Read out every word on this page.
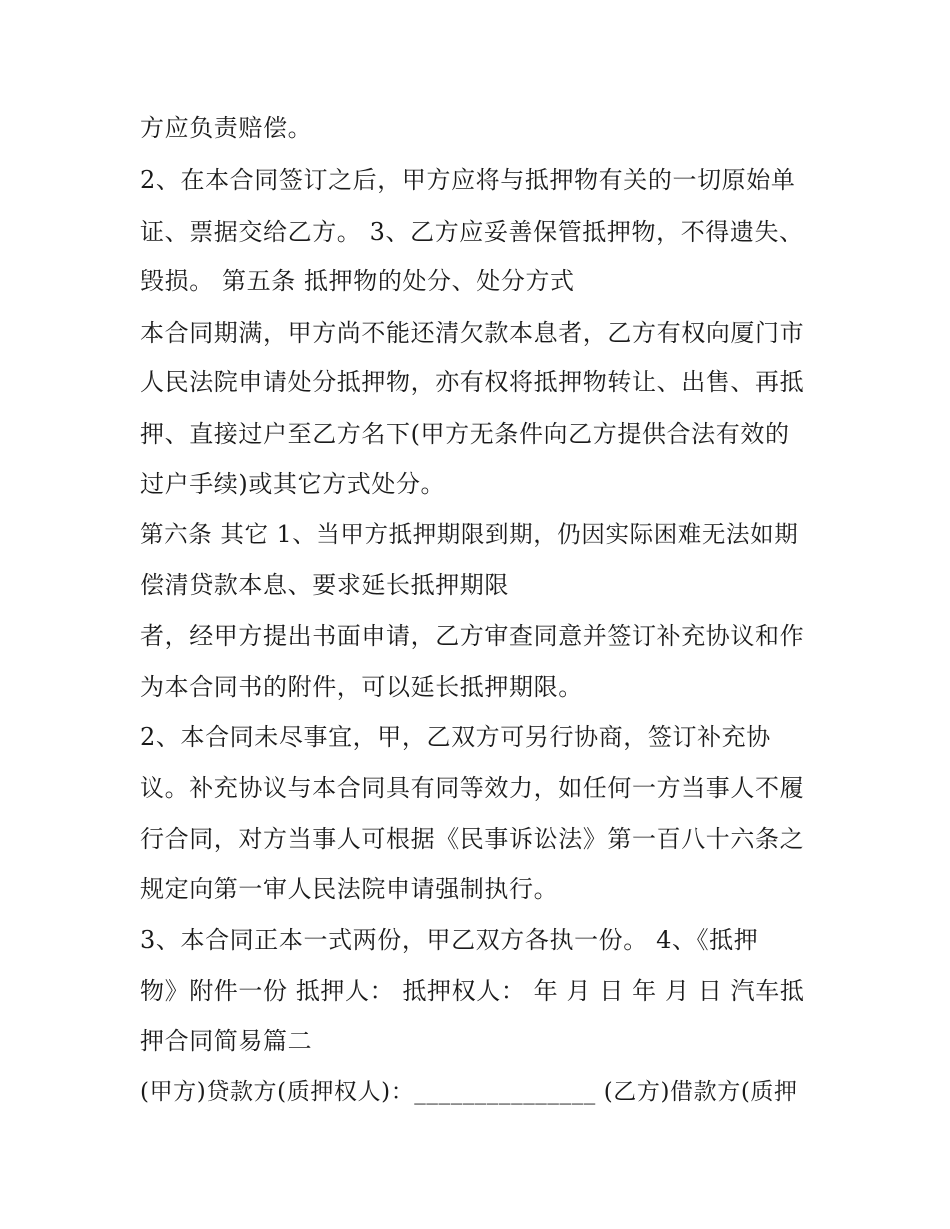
方应负责赔偿。
2、在本合同签订之后，甲方应将与抵押物有关的一切原始单
证、票据交给乙方。 3、乙方应妥善保管抵押物，不得遗失、
毁损。 第五条 抵押物的处分、处分方式
本合同期满，甲方尚不能还清欠款本息者，乙方有权向厦门市
人民法院申请处分抵押物，亦有权将抵押物转让、出售、再抵
押、直接过户至乙方名下(甲方无条件向乙方提供合法有效的
过户手续)或其它方式处分。
第六条 其它 1、当甲方抵押期限到期，仍因实际困难无法如期
偿清贷款本息、要求延长抵押期限
者，经甲方提出书面申请，乙方审查同意并签订补充协议和作
为本合同书的附件，可以延长抵押期限。
2、本合同未尽事宜，甲，乙双方可另行协商，签订补充协
议。补充协议与本合同具有同等效力，如任何一方当事人不履
行合同，对方当事人可根据《民事诉讼法》第一百八十六条之
规定向第一审人民法院申请强制执行。
3、本合同正本一式两份，甲乙双方各执一份。 4、《抵押
物》附件一份 抵押人： 抵押权人： 年 月 日 年 月 日 汽车抵
押合同简易篇二
(甲方)贷款方(质押权人)：_______________ (乙方)借款方(质押
